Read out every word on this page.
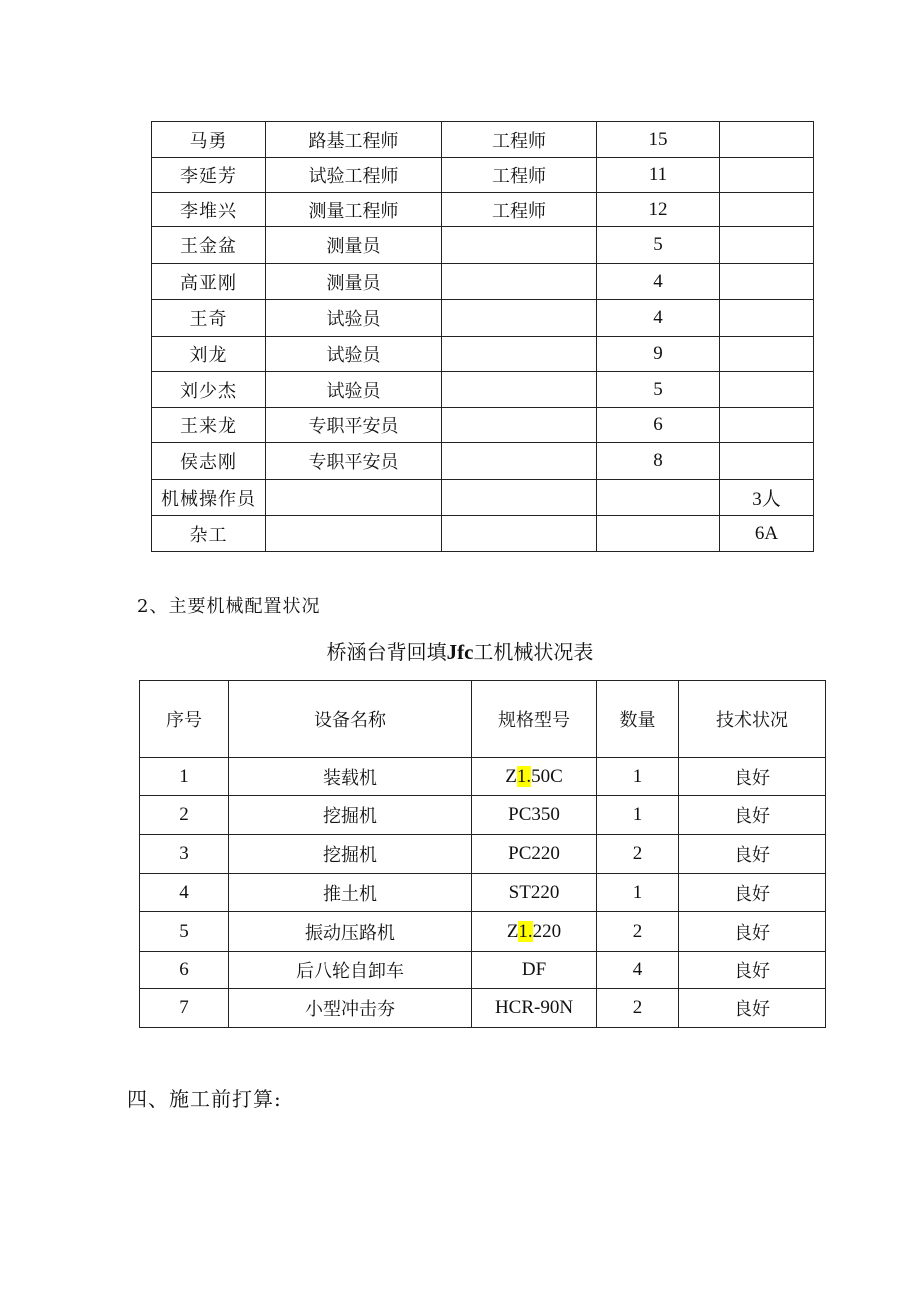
马勇	路基工程师	工程师	15	
李延芳	试验工程师	工程师	11	
李堆兴	测量工程师	工程师	12	
王金盆	测量员		5	
高亚刚	测量员		4	
王奇	试验员		4	
刘龙	试验员		9	
刘少杰	试验员		5	
王来龙	专职平安员		6	
侯志刚	专职平安员		8	
机械操作员				3人
杂工				6A
2、主要机械配置状况
桥涵台背回填Jfc工机械状况表
序号	设备名称	规格型号	数量	技术状况
1	装载机	Z1.50C	1	良好
2	挖掘机	PC350	1	良好
3	挖掘机	PC220	2	良好
4	推土机	ST220	1	良好
5	振动压路机	Z1.220	2	良好
6	后八轮自卸车	DF	4	良好
7	小型冲击夯	HCR-90N	2	良好
四、施工前打算:
